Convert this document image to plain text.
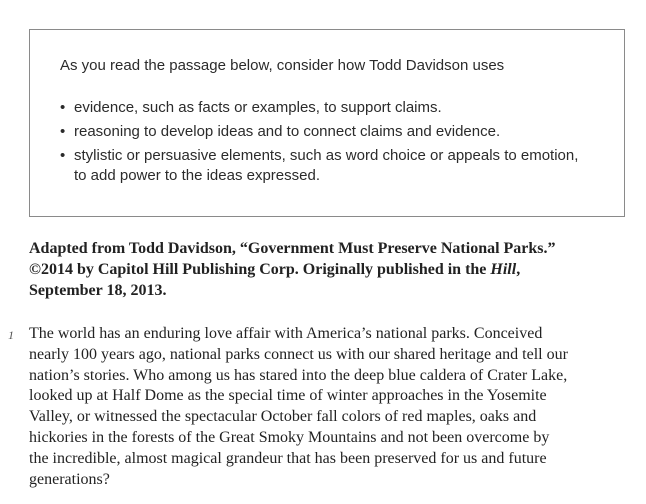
As you read the passage below, consider how Todd Davidson uses

• evidence, such as facts or examples, to support claims.
• reasoning to develop ideas and to connect claims and evidence.
• stylistic or persuasive elements, such as word choice or appeals to emotion,
to add power to the ideas expressed.

Adapted from Todd Davidson, “Government Must Preserve National Parks.”
©2014 by Capitol Hill Publishing Corp. Originally published in the Hill,
September 18, 2013.

1 The world has an enduring love affair with America’s national parks. Conceived
nearly 100 years ago, national parks connect us with our shared heritage and tell our
nation’s stories. Who among us has stared into the deep blue caldera of Crater Lake,
looked up at Half Dome as the special time of winter approaches in the Yosemite
Valley, or witnessed the spectacular October fall colors of red maples, oaks and
hickories in the forests of the Great Smoky Mountains and not been overcome by
the incredible, almost magical grandeur that has been preserved for us and future
generations?
